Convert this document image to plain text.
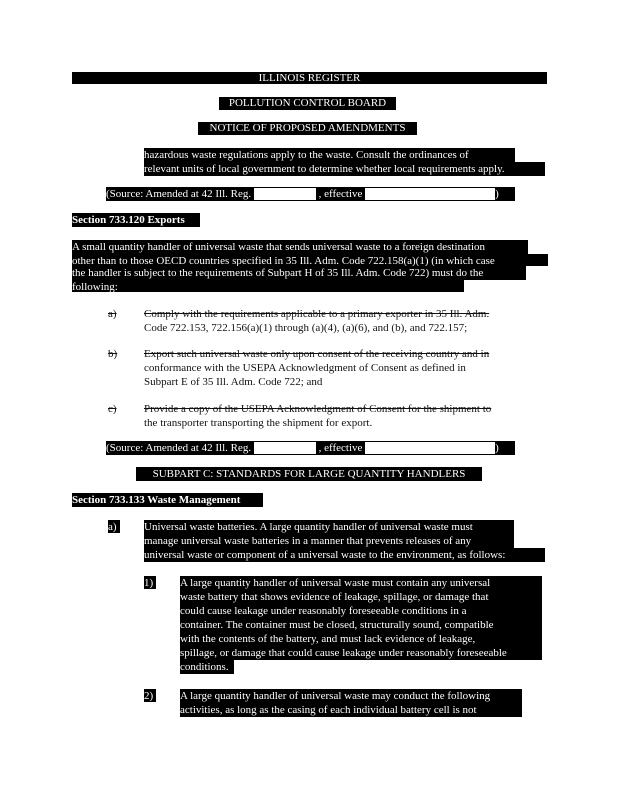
ILLINOIS REGISTER
POLLUTION CONTROL BOARD
NOTICE OF PROPOSED AMENDMENTS
hazardous waste regulations apply to the waste. Consult the ordinances of
relevant units of local government to determine whether local requirements apply.
(Source: Amended at 42 Ill. Reg.	, effective	)
Section 733.120 Exports
A small quantity handler of universal waste that sends universal waste to a foreign destination
other than to those OECD countries specified in 35 Ill. Adm. Code 722.158(a)(1) (in which case
the handler is subject to the requirements of Subpart H of 35 Ill. Adm. Code 722) must do the
following:
a) Comply with the requirements applicable to a primary exporter in 35 Ill. Adm.
Code 722.153, 722.156(a)(1) through (a)(4), (a)(6), and (b), and 722.157;
b) Export such universal waste only upon consent of the receiving country and in
conformance with the USEPA Acknowledgment of Consent as defined in
Subpart E of 35 Ill. Adm. Code 722; and
c) Provide a copy of the USEPA Acknowledgment of Consent for the shipment to
the transporter transporting the shipment for export.
(Source: Amended at 42 Ill. Reg.	, effective	)
SUBPART C: STANDARDS FOR LARGE QUANTITY HANDLERS
Section 733.133 Waste Management
a)	Universal waste batteries. A large quantity handler of universal waste must
manage universal waste batteries in a manner that prevents releases of any
universal waste or component of a universal waste to the environment, as follows:
1) A large quantity handler of universal waste must contain any universal
waste battery that shows evidence of leakage, spillage, or damage that
could cause leakage under reasonably foreseeable conditions in a
container. The container must be closed, structurally sound, compatible
with the contents of the battery, and must lack evidence of leakage,
spillage, or damage that could cause leakage under reasonably foreseeable
conditions.
2) A large quantity handler of universal waste may conduct the following
activities, as long as the casing of each individual battery cell is not
